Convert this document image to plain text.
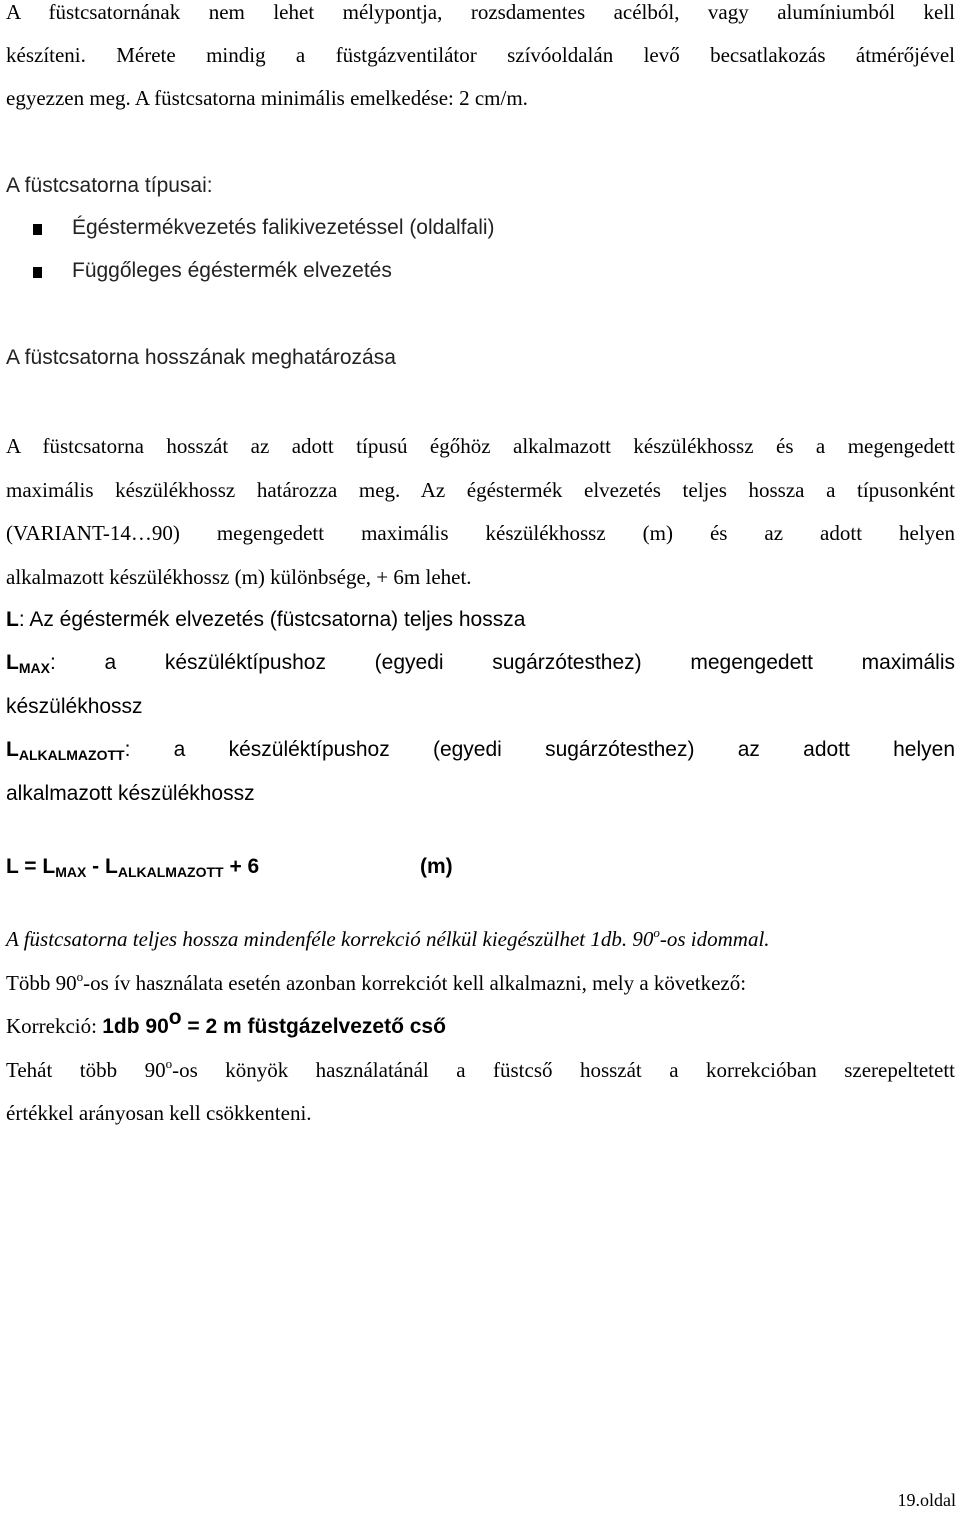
A füstcsatornának nem lehet mélypontja, rozsdamentes acélból, vagy alumíniumból kell
készíteni. Mérete mindig a füstgázventilátor szívóoldalán levő becsatlakozás átmérőjével
egyezzen meg. A füstcsatorna minimális emelkedése: 2 cm/m.
A füstcsatorna típusai:
Égéstermékvezetés falikivezetéssel (oldalfali)
Függőleges égéstermék elvezetés
A füstcsatorna hosszának meghatározása
A füstcsatorna hosszát az adott típusú égőhöz alkalmazott készülékhossz és a megengedett
maximális készülékhossz határozza meg. Az égéstermék elvezetés teljes hossza a típusonként
(VARIANT-14…90) megengedett maximális készülékhossz (m) és az adott helyen
alkalmazott készülékhossz (m) különbsége, + 6m lehet.
L: Az égéstermék elvezetés (füstcsatorna) teljes hossza
$L_{MAX}$: a készüléktípushoz (egyedi sugárzótesthez) megengedett maximális
készülékhossz
$L_{ALKALMAZOTT}$: a készüléktípushoz (egyedi sugárzótesthez) az adott helyen
alkalmazott készülékhossz
$L = L_{MAX} - L_{ALKALMAZOTT} + 6$	(m)
A füstcsatorna teljes hossza mindenféle korrekció nélkül kiegészülhet 1db. 90$^o$-os idommal.
Több 90$^o$-os ív használata esetén azonban korrekciót kell alkalmazni, mely a következő:
Korrekció: 1db $90^o = 2$ m füstgázelvezető cső
Tehát több 90$^o$-os könyök használatánál a füstcső hosszát a korrekcióban szerepeltetett
értékkel arányosan kell csökkenteni.
19.oldal
